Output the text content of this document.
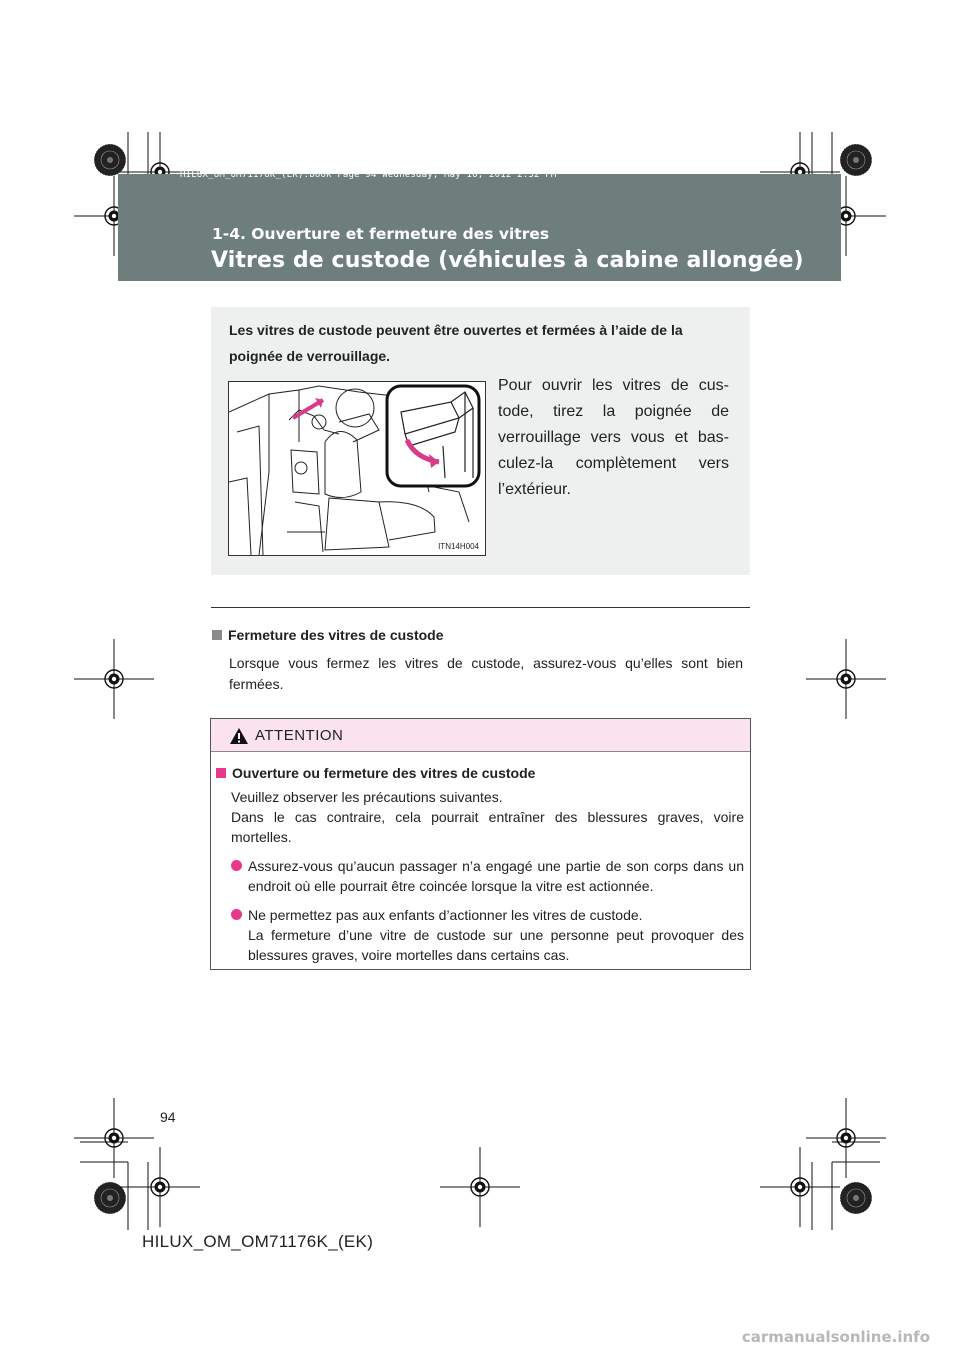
HILUX_OM_OM71176K_(EK).book Page 94 Wednesday, May 16, 2012 2:32 PM
1-4. Ouverture et fermeture des vitres
Vitres de custode (véhicules à cabine allongée)
Les vitres de custode peuvent être ouvertes et fermées à l’aide de la poignée de verrouillage.
ITN14H004
Pour ouvrir les vitres de cus-tode, tirez la poignée de verrouillage vers vous et bas-culez-la complètement vers l’extérieur.
Fermeture des vitres de custode
Lorsque vous fermez les vitres de custode, assurez-vous qu’elles sont bien fermées.
ATTENTION
Ouverture ou fermeture des vitres de custode
Veuillez observer les précautions suivantes.
Dans le cas contraire, cela pourrait entraîner des blessures graves, voire mortelles.
Assurez-vous qu’aucun passager n’a engagé une partie de son corps dans un endroit où elle pourrait être coincée lorsque la vitre est actionnée.
Ne permettez pas aux enfants d’actionner les vitres de custode.
La fermeture d’une vitre de custode sur une personne peut provoquer des blessures graves, voire mortelles dans certains cas.
94
HILUX_OM_OM71176K_(EK)
carmanualsonline.info
